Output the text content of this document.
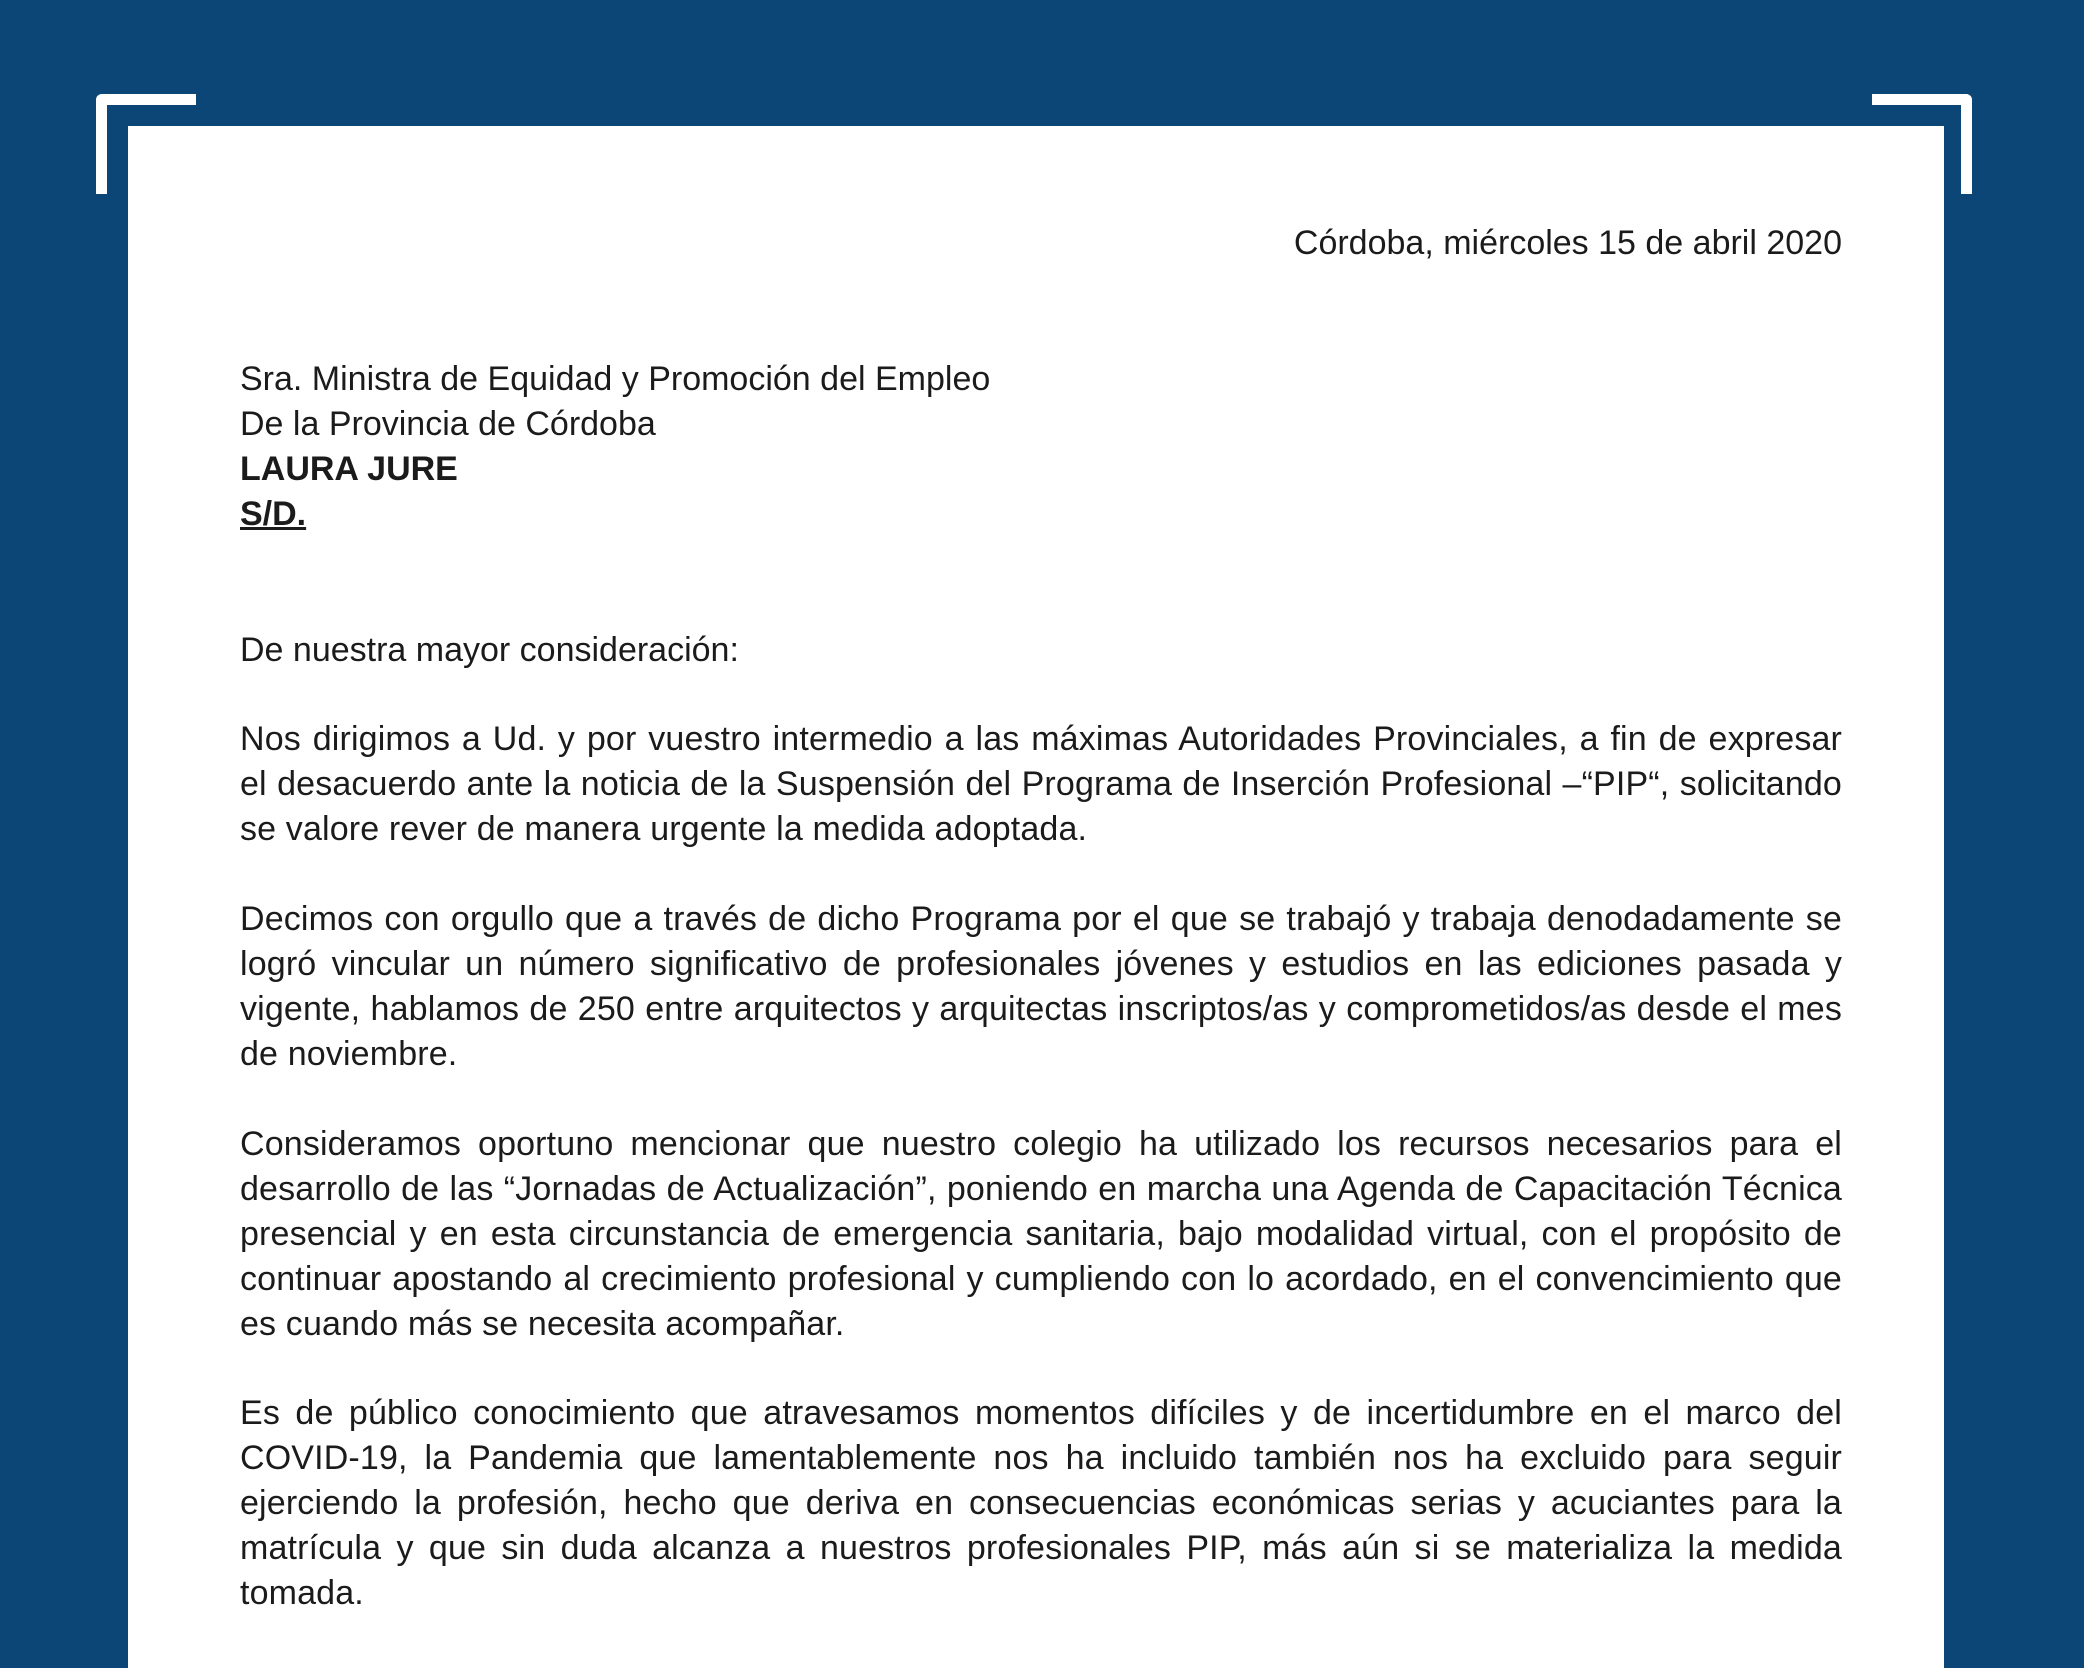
Córdoba, miércoles 15 de abril 2020
Sra. Ministra de Equidad y Promoción del Empleo
De la Provincia de Córdoba
LAURA JURE
S/D.
De nuestra mayor consideración:

Nos dirigimos a Ud. y por vuestro intermedio a las máximas Autoridades Provinciales, a fin de expresar el desacuerdo ante la noticia de la Suspensión del Programa de Inserción Profesional –“PIP“, solicitando se valore rever de manera urgente la medida adoptada.

Decimos con orgullo que a través de dicho Programa por el que se trabajó y trabaja denodadamente se logró vincular un número significativo de profesionales jóvenes y estudios en las ediciones pasada y vigente, hablamos de 250 entre arquitectos y arquitectas inscriptos/as y comprometidos/as desde el mes de noviembre.

Consideramos oportuno mencionar que nuestro colegio ha utilizado los recursos necesarios para el desarrollo de las “Jornadas de Actualización”, poniendo en marcha una Agenda de Capacitación Técnica presencial y en esta circunstancia de emergencia sanitaria, bajo modalidad virtual, con el propósito de continuar apostando al crecimiento profesional y cumpliendo con lo acordado, en el convencimiento que es cuando más se necesita acompañar.

Es de público conocimiento que atravesamos momentos difíciles y de incertidumbre en el marco del COVID-19, la Pandemia que lamentablemente nos ha incluido también nos ha excluido para seguir ejerciendo la profesión, hecho que deriva en consecuencias económicas serias y acuciantes para la matrícula y que sin duda alcanza a nuestros profesionales PIP, más aún si se materializa la medida tomada.
